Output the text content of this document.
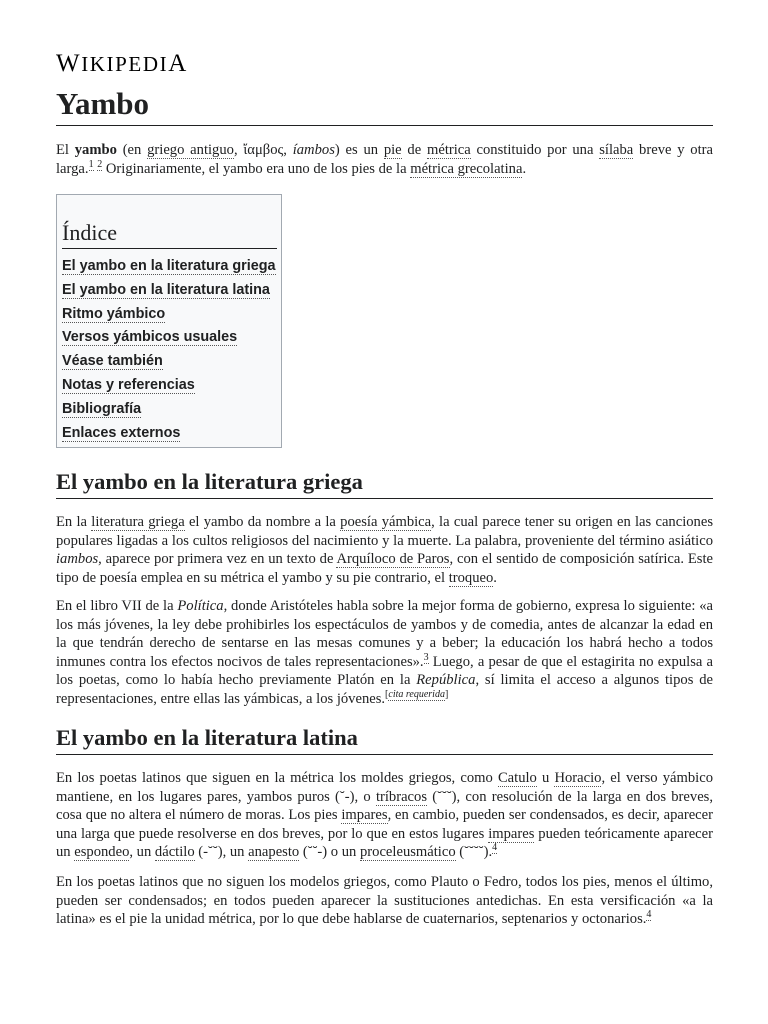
WIKIPEDIA
Yambo

El yambo (en griego antiguo, ἴαμβος, íambos) es un pie de métrica constituido por una sílaba breve y otra larga.$^1$ $^2$ Originariamente, el yambo era uno de los pies de la métrica grecolatina.

Índice
El yambo en la literatura griega
El yambo en la literatura latina
Ritmo yámbico
Versos yámbicos usuales
Véase también
Notas y referencias
Bibliografía
Enlaces externos
El yambo en la literatura griega

En la literatura griega el yambo da nombre a la poesía yámbica, la cual parece tener su origen en las canciones populares ligadas a los cultos religiosos del nacimiento y la muerte. La palabra, proveniente del término asiático iambos, aparece por primera vez en un texto de Arquíloco de Paros, con el sentido de composición satírica. Este tipo de poesía emplea en su métrica el yambo y su pie contrario, el troqueo.

En el libro VII de la Política, donde Aristóteles habla sobre la mejor forma de gobierno, expresa lo siguiente: «a los más jóvenes, la ley debe prohibirles los espectáculos de yambos y de comedia, antes de alcanzar la edad en la que tendrán derecho de sentarse en las mesas comunes y a beber; la educación los habrá hecho a todos inmunes contra los efectos nocivos de tales representaciones».$^3$ Luego, a pesar de que el estagirita no expulsa a los poetas, como lo había hecho previamente Platón en la República, sí limita el acceso a algunos tipos de representaciones, entre ellas las yámbicas, a los jóvenes.[cita requerida]

El yambo en la literatura latina

En los poetas latinos que siguen en la métrica los moldes griegos, como Catulo u Horacio, el verso yámbico mantiene, en los lugares pares, yambos puros (˘-), o tríbracos (˘˘˘), con resolución de la larga en dos breves, cosa que no altera el número de moras. Los pies impares, en cambio, pueden ser condensados, es decir, aparecer una larga que puede resolverse en dos breves, por lo que en estos lugares impares pueden teóricamente aparecer un espondeo, un dáctilo (-˘˘), un anapesto (˘˘-) o un proceleusmático (˘˘˘˘).$^4$

En los poetas latinos que no siguen los modelos griegos, como Plauto o Fedro, todos los pies, menos el último, pueden ser condensados; en todos pueden aparecer la sustituciones antedichas. En esta versificación «a la latina» es el pie la unidad métrica, por lo que debe hablarse de cuaternarios, septenarios y octonarios.$^4$
